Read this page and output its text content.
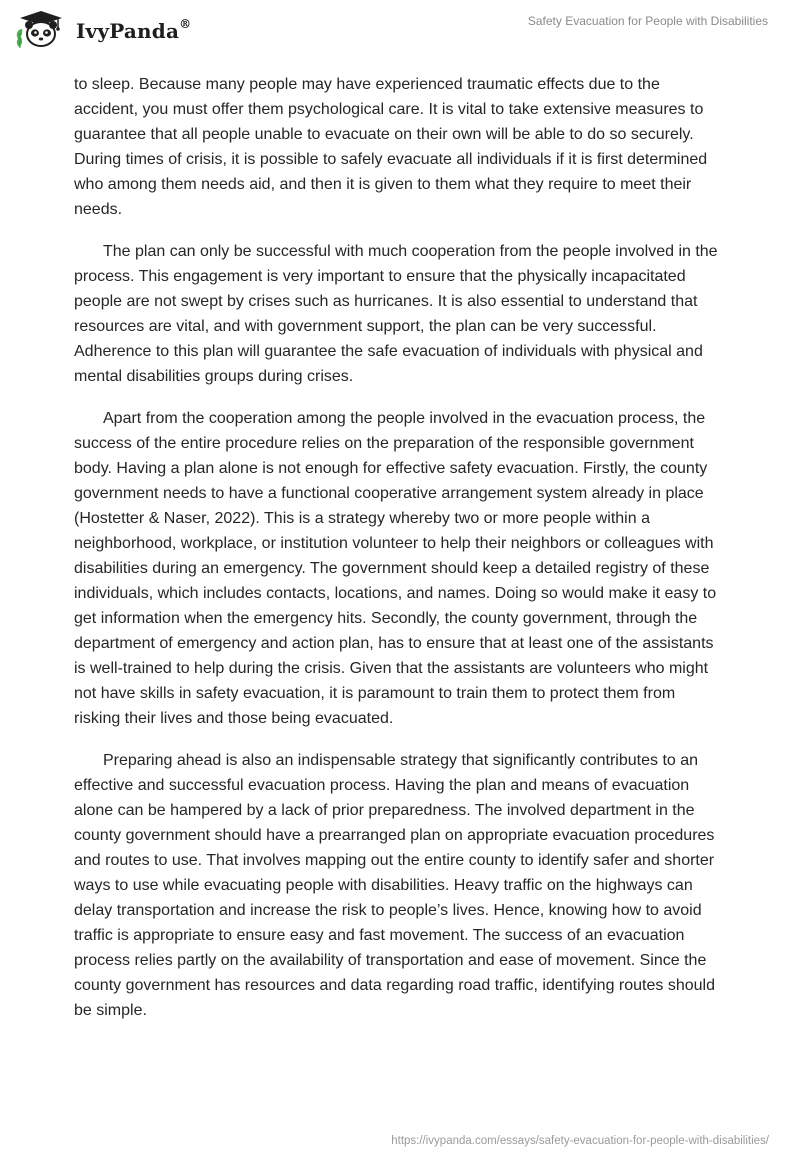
IvyPanda®	Safety Evacuation for People with Disabilities

to sleep. Because many people may have experienced traumatic effects due to the accident, you must offer them psychological care. It is vital to take extensive measures to guarantee that all people unable to evacuate on their own will be able to do so securely. During times of crisis, it is possible to safely evacuate all individuals if it is first determined who among them needs aid, and then it is given to them what they require to meet their needs.

The plan can only be successful with much cooperation from the people involved in the process. This engagement is very important to ensure that the physically incapacitated people are not swept by crises such as hurricanes. It is also essential to understand that resources are vital, and with government support, the plan can be very successful. Adherence to this plan will guarantee the safe evacuation of individuals with physical and mental disabilities groups during crises.

Apart from the cooperation among the people involved in the evacuation process, the success of the entire procedure relies on the preparation of the responsible government body. Having a plan alone is not enough for effective safety evacuation. Firstly, the county government needs to have a functional cooperative arrangement system already in place (Hostetter & Naser, 2022). This is a strategy whereby two or more people within a neighborhood, workplace, or institution volunteer to help their neighbors or colleagues with disabilities during an emergency. The government should keep a detailed registry of these individuals, which includes contacts, locations, and names. Doing so would make it easy to get information when the emergency hits. Secondly, the county government, through the department of emergency and action plan, has to ensure that at least one of the assistants is well-trained to help during the crisis. Given that the assistants are volunteers who might not have skills in safety evacuation, it is paramount to train them to protect them from risking their lives and those being evacuated.

Preparing ahead is also an indispensable strategy that significantly contributes to an effective and successful evacuation process. Having the plan and means of evacuation alone can be hampered by a lack of prior preparedness. The involved department in the county government should have a prearranged plan on appropriate evacuation procedures and routes to use. That involves mapping out the entire county to identify safer and shorter ways to use while evacuating people with disabilities. Heavy traffic on the highways can delay transportation and increase the risk to people’s lives. Hence, knowing how to avoid traffic is appropriate to ensure easy and fast movement. The success of an evacuation process relies partly on the availability of transportation and ease of movement. Since the county government has resources and data regarding road traffic, identifying routes should be simple.

https://ivypanda.com/essays/safety-evacuation-for-people-with-disabilities/
